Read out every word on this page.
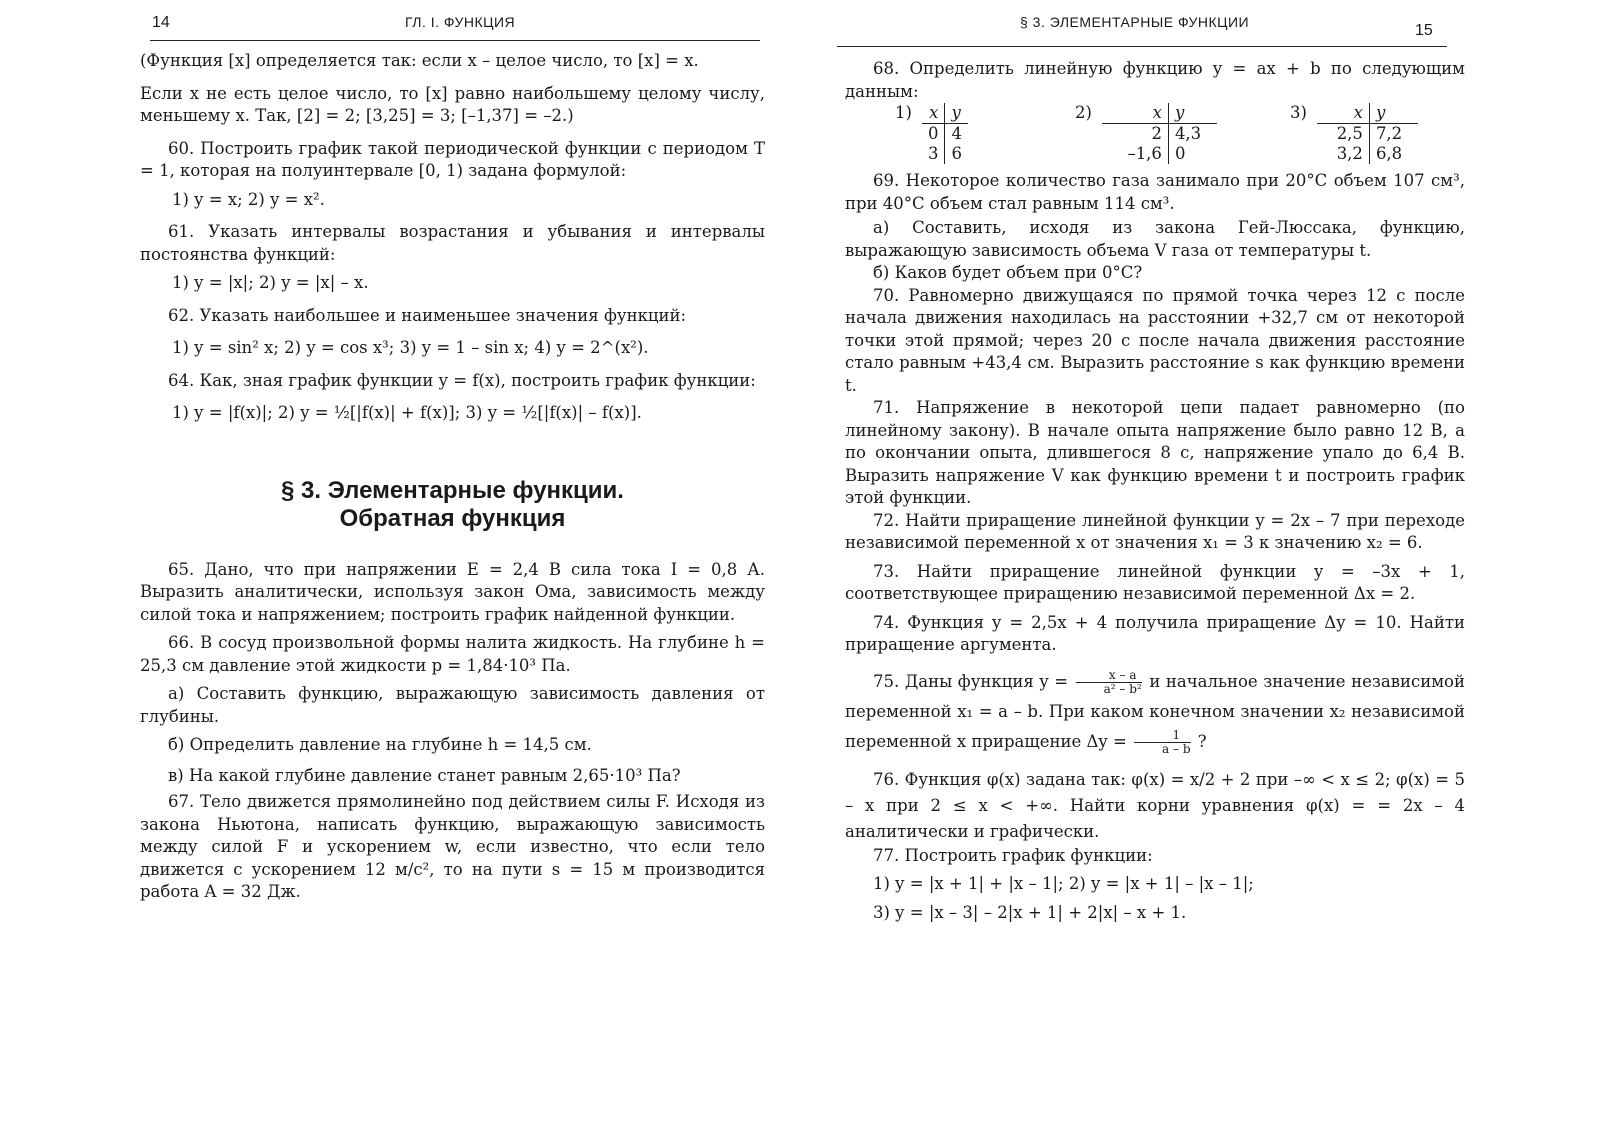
14	ГЛ. I. ФУНКЦИЯ

(Функция [x] определяется так: если x – целое число, то [x] = x.

Если x не есть целое число, то [x] равно наибольшему целому числу, меньшему x. Так, [2] = 2; [3,25] = 3; [–1,37] = –2.)

60. Построить график такой периодической функции с периодом T = 1, которая на полуинтервале [0, 1) задана формулой:

1) y = x; 2) y = x².

61. Указать интервалы возрастания и убывания и интервалы постоянства функций:

1) y = |x|; 2) y = |x| – x.

62. Указать наибольшее и наименьшее значения функций:

1) y = sin² x; 2) y = cos x³; 3) y = 1 – sin x; 4) y = 2^(x²).

64. Как, зная график функции y = f(x), построить график функции:

1) y = |f(x)|; 2) y = ½[|f(x)| + f(x)]; 3) y = ½[|f(x)| – f(x)].

§ 3. Элементарные функции.
Обратная функция

65. Дано, что при напряжении E = 2,4 В сила тока I = 0,8 А. Выразить аналитически, используя закон Ома, зависимость между силой тока и напряжением; построить график найденной функции.

66. В сосуд произвольной формы налита жидкость. На глубине h = 25,3 см давление этой жидкости p = 1,84·10³ Па.

а) Составить функцию, выражающую зависимость давления от глубины.

б) Определить давление на глубине h = 14,5 см.

в) На какой глубине давление станет равным 2,65·10³ Па?

67. Тело движется прямолинейно под действием силы F. Исходя из закона Ньютона, написать функцию, выражающую зависимость между силой F и ускорением w, если известно, что если тело движется с ускорением 12 м/с², то на пути s = 15 м производится работа A = 32 Дж.

§ 3. ЭЛЕМЕНТАРНЫЕ ФУНКЦИИ	15

68. Определить линейную функцию y = ax + b по следующим данным:

1) x	y
0	4
3	6
2)	x	y
2	4,3
–1,6	0
3)	x	y
2,5	7,2
3,2	6,8

69. Некоторое количество газа занимало при 20°С объем 107 см³, при 40°С объем стал равным 114 см³.

а) Составить, исходя из закона Гей-Люссака, функцию, выражающую зависимость объема V газа от температуры t.

б) Каков будет объем при 0°С?

70. Равномерно движущаяся по прямой точка через 12 с после начала движения находилась на расстоянии +32,7 см от некоторой точки этой прямой; через 20 с после начала движения расстояние стало равным +43,4 см. Выразить расстояние s как функцию времени t.

71. Напряжение в некоторой цепи падает равномерно (по линейному закону). В начале опыта напряжение было равно 12 В, а по окончании опыта, длившегося 8 с, напряжение упало до 6,4 В. Выразить напряжение V как функцию времени t и построить график этой функции.

72. Найти приращение линейной функции y = 2x – 7 при переходе независимой переменной x от значения x₁ = 3 к значению x₂ = 6.

73. Найти приращение линейной функции y = –3x + 1, соответствующее приращению независимой переменной Δx = 2.

74. Функция y = 2,5x + 4 получила приращение Δy = 10. Найти приращение аргумента.

75. Даны функция $y = \frac{x - a}{\text{a² – b²}}$ и начальное значение независимой переменной x₁ = a – b. При каком конечном значении x₂ независимой переменной x приращение $\Delta y = \frac{1}{a - b}$ ?

76. Функция φ(x) задана так: φ(x) = x/2 + 2 при –∞ < x ≤ 2; φ(x) = 5 – x при 2 ≤ x < +∞. Найти корни уравнения φ(x) = = 2x – 4 аналитически и графически.

77. Построить график функции:

1) y = |x + 1| + |x – 1|; 2) y = |x + 1| – |x – 1|;

3) y = |x – 3| – 2|x + 1| + 2|x| – x + 1.
